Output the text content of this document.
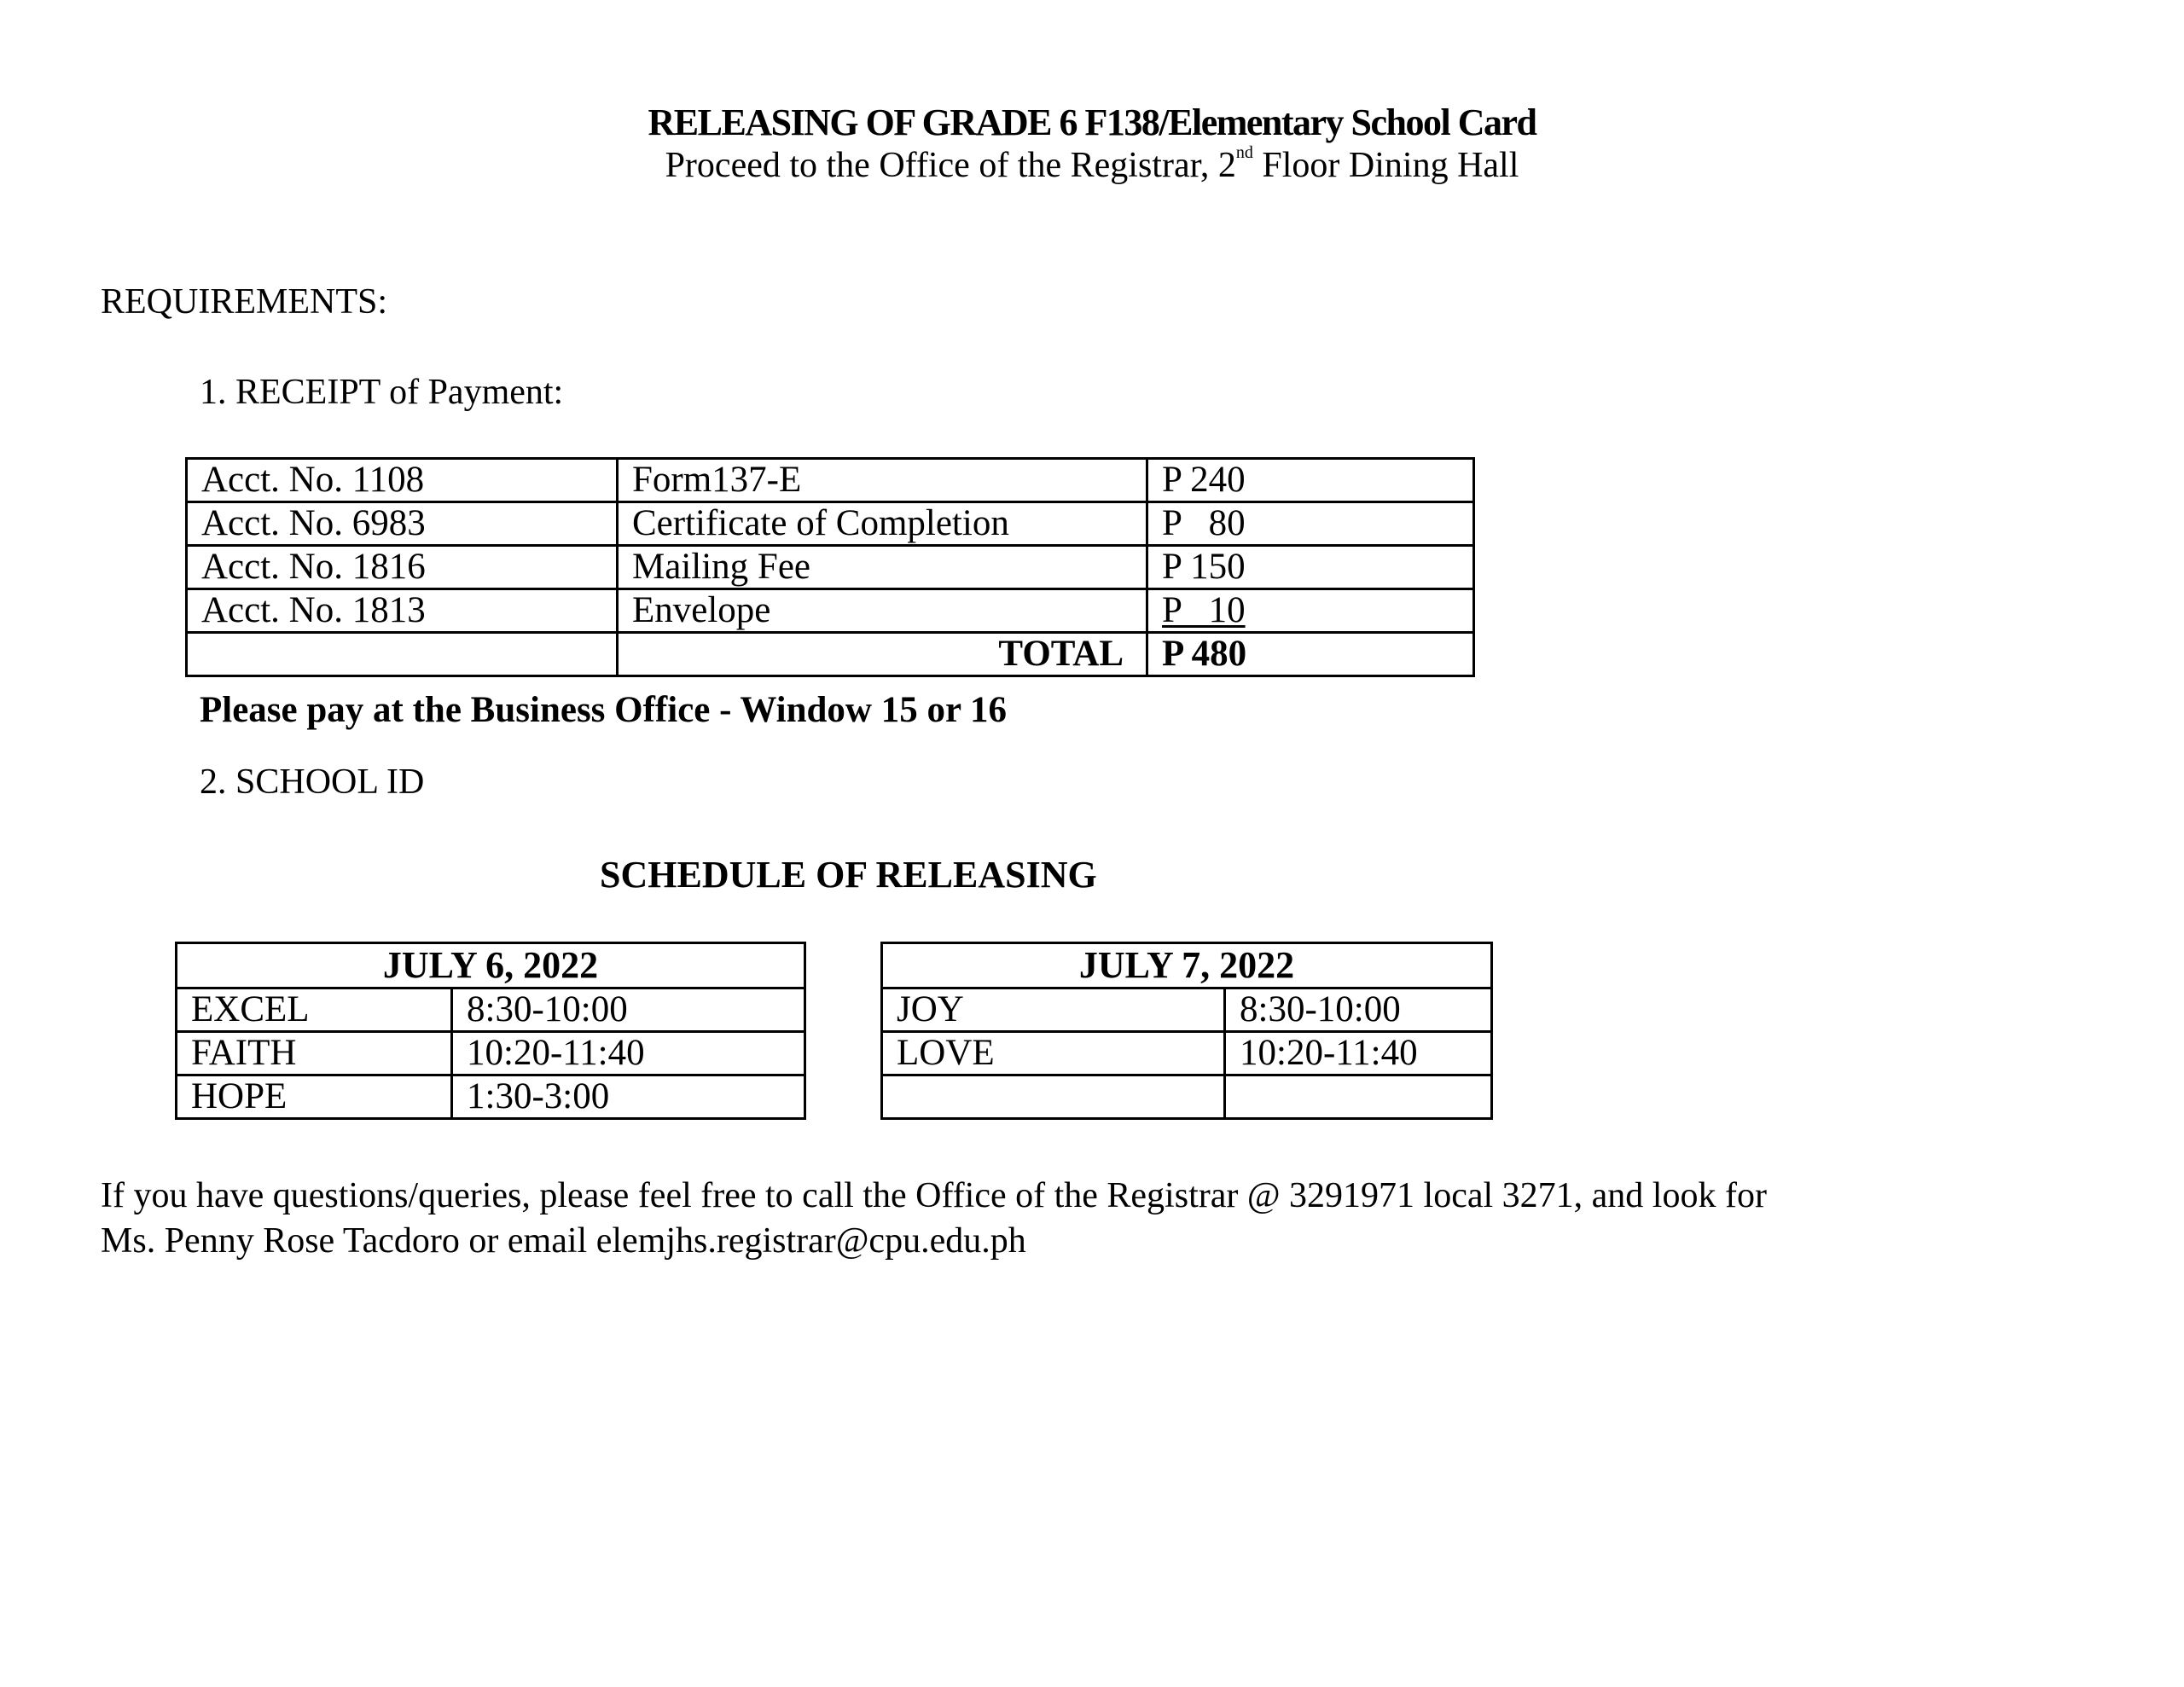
RELEASING OF GRADE 6 F138/Elementary School Card
Proceed to the Office of the Registrar, 2nd Floor Dining Hall
REQUIREMENTS:
1. RECEIPT of Payment:
Acct. No. 1108	Form137-E	P 240
Acct. No. 6983	Certificate of Completion	P   80
Acct. No. 1816	Mailing Fee	P 150
Acct. No. 1813	Envelope	P   10
	TOTAL	P 480
Please pay at the Business Office - Window 15 or 16
2. SCHOOL ID
SCHEDULE OF RELEASING
JULY 6, 2022	
EXCEL	8:30-10:00
FAITH	10:20-11:40
HOPE	1:30-3:00
JULY 7, 2022	
JOY	8:30-10:00
LOVE	10:20-11:40

If you have questions/queries, please feel free to call the Office of the Registrar @ 3291971 local 3271, and look for
Ms. Penny Rose Tacdoro or email elemjhs.registrar@cpu.edu.ph
